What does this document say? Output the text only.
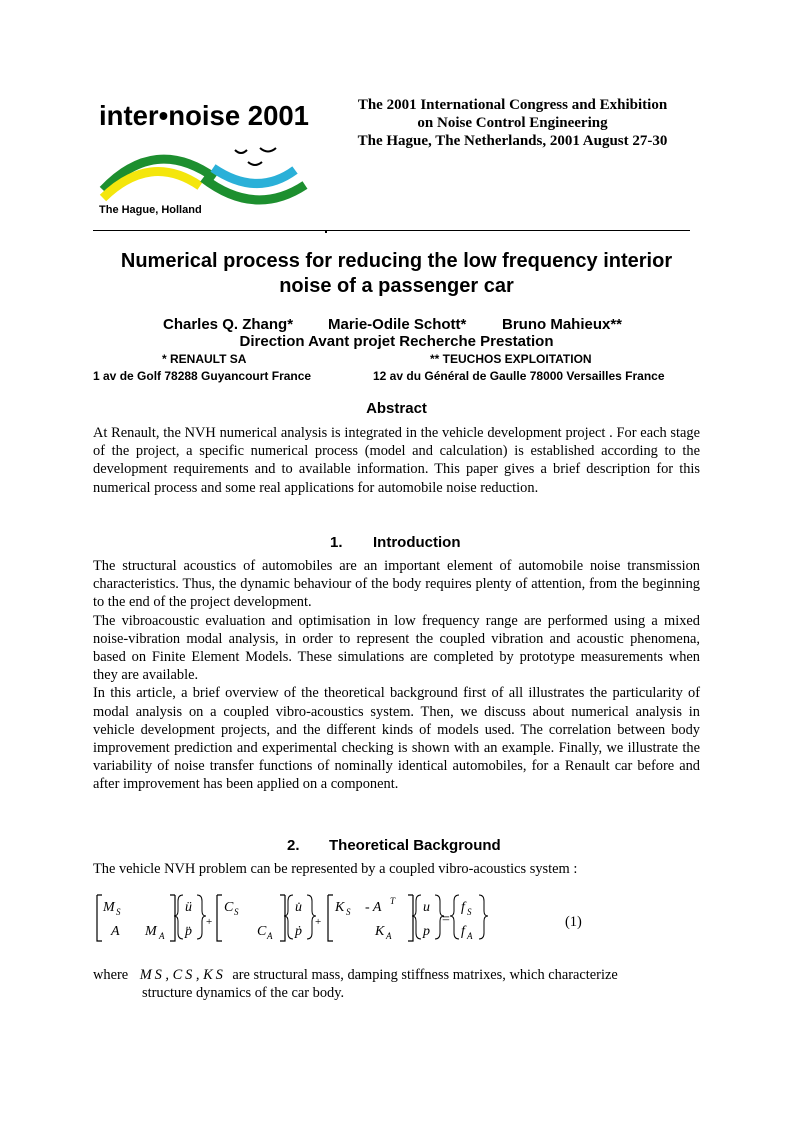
inter•noise 2001
The Hague, Holland
The 2001 International Congress and Exhibition
on Noise Control Engineering
The Hague, The Netherlands, 2001 August 27-30
Numerical process for reducing the low frequency interior
noise of a passenger car
Charles Q. Zhang* Marie-Odile Schott* Bruno Mahieux**
Direction Avant projet Recherche Prestation
* RENAULT SA	** TEUCHOS EXPLOITATION
1 av de Golf 78288 Guyancourt France	12 av du Général de Gaulle 78000 Versailles France
Abstract
At Renault, the NVH numerical analysis is integrated in the vehicle development project . For each stage of the project, a specific numerical process (model and calculation) is established according to the development requirements and to available information. This paper gives a brief description for this numerical process and some real applications for automobile noise reduction.
1. Introduction

The structural acoustics of automobiles are an important element of automobile noise transmission characteristics. Thus, the dynamic behaviour of the body requires plenty of attention, from the beginning to the end of the project development.

The vibroacoustic evaluation and optimisation in low frequency range are performed using a mixed noise-vibration modal analysis, in order to represent the coupled vibration and acoustic phenomena, based on Finite Element Models. These simulations are completed by prototype measurements when they are available.

In this article, a brief overview of the theoretical background first of all illustrates the particularity of modal analysis on a coupled vibro-acoustics system. Then, we discuss about numerical analysis in vehicle development projects, and the different kinds of models used. The correlation between body improvement prediction and experimental checking is shown with an example. Finally, we illustrate the variability of noise transfer functions of nominally identical automobiles, for a Renault car before and after improvement has been applied on a component.

2. Theoretical Background
The vehicle NVH problem can be represented by a coupled vibro-acoustics system :
M S
A M A
ü
p̈
+
C S
C A
u̇
ṗ
+
K S - A T
K A
u
p
=
f S
f A
(1)
where M S , C S , K S are structural mass, damping stiffness matrixes, which characterize
structure dynamics of the car body.
